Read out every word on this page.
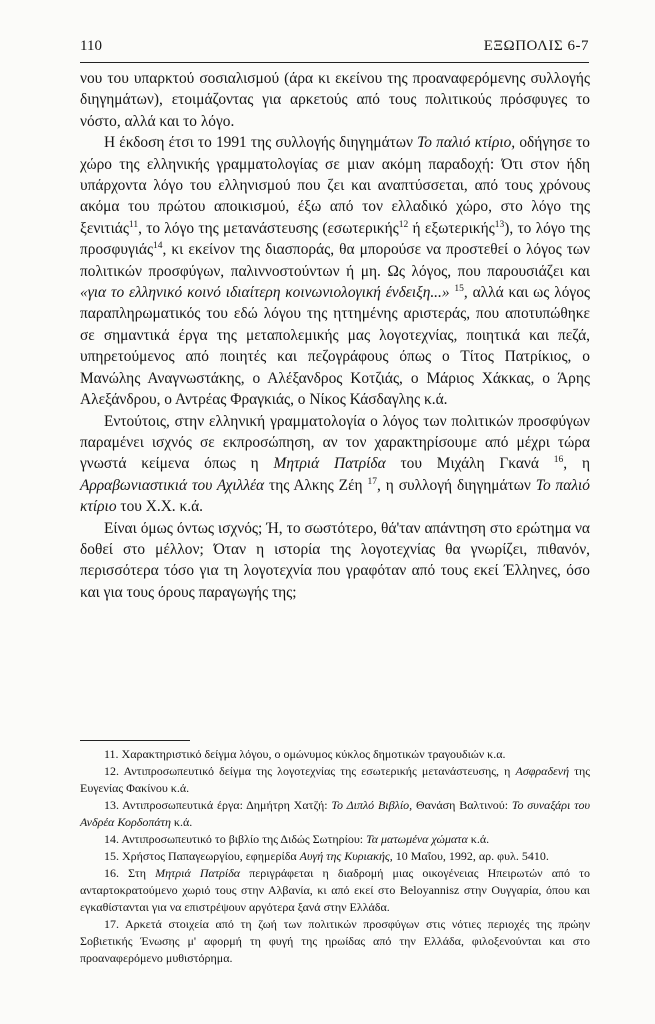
110	ΕΞΩΠΟΛΙΣ 6-7

νου του υπαρκτού σοσιαλισμού (άρα κι εκείνου της προαναφερόμενης συλλογής διηγημάτων), ετοιμάζοντας για αρκετούς από τους πολιτικούς πρόσφυγες το νόστο, αλλά και το λόγο.

Η έκδοση έτσι το 1991 της συλλογής διηγημάτων Το παλιό κτίριο, οδήγησε το χώρο της ελληνικής γραμματολογίας σε μιαν ακόμη παραδοχή: Ότι στον ήδη υπάρχοντα λόγο του ελληνισμού που ζει και αναπτύσσεται, από τους χρόνους ακόμα του πρώτου αποικισμού, έξω από τον ελλαδικό χώρο, στο λόγο της ξενιτιάς$^{11}$, το λόγο της μετανάστευσης (εσωτερικής$^{12}$ ή εξωτερικής$^{13}$), το λόγο της προσφυγιάς$^{14}$, κι εκείνον της διασποράς, θα μπορούσε να προστεθεί ο λόγος των πολιτικών προσφύγων, παλιννοστούντων ή μη. Ως λόγος, που παρουσιάζει και «για το ελληνικό κοινό ιδιαίτερη κοινωνιολογική ένδειξη...» $^{15}$, αλλά και ως λόγος παραπληρωματικός του εδώ λόγου της ηττημένης αριστεράς, που αποτυπώθηκε σε σημαντικά έργα της μεταπολεμικής μας λογοτεχνίας, ποιητικά και πεζά, υπηρετούμενος από ποιητές και πεζογράφους όπως ο Τίτος Πατρίκιος, ο Μανώλης Αναγνωστάκης, ο Αλέξανδρος Κοτζιάς, ο Μάριος Χάκκας, ο Άρης Αλεξάνδρου, ο Αντρέας Φραγκιάς, ο Νίκος Κάσδαγλης κ.ά.

Εντούτοις, στην ελληνική γραμματολογία ο λόγος των πολιτικών προσφύγων παραμένει ισχνός σε εκπροσώπηση, αν τον χαρακτηρίσουμε από μέχρι τώρα γνωστά κείμενα όπως η Μητριά Πατρίδα του Μιχάλη Γκανά $^{16}$, η Αρραβωνιαστικιά του Αχιλλέα της Αλκης Ζέη $^{17}$, η συλλογή διηγημάτων Το παλιό κτίριο του Χ.Χ. κ.ά.

Είναι όμως όντως ισχνός; Ή, το σωστότερο, θά'ταν απάντηση στο ερώτημα να δοθεί στο μέλλον; Όταν η ιστορία της λογοτεχνίας θα γνωρίζει, πιθανόν, περισσότερα τόσο για τη λογοτεχνία που γραφόταν από τους εκεί Έλληνες, όσο και για τους όρους παραγωγής της;

11. Χαρακτηριστικό δείγμα λόγου, ο ομώνυμος κύκλος δημοτικών τραγουδιών κ.α.

12. Αντιπροσωπευτικό δείγμα της λογοτεχνίας της εσωτερικής μετανάστευσης, η Ασφραδενή της Ευγενίας Φακίνου κ.ά.

13. Αντιπροσωπευτικά έργα: Δημήτρη Χατζή: Το Διπλό Βιβλίο, Θανάση Βαλτινού: Το συναξάρι του Ανδρέα Κορδοπάτη κ.ά.

14. Αντιπροσωπευτικό το βιβλίο της Διδώς Σωτηρίου: Τα ματωμένα χώματα κ.ά.

15. Χρήστος Παπαγεωργίου, εφημερίδα Αυγή της Κυριακής, 10 Μαΐου, 1992, αρ. φυλ. 5410.

16. Στη Μητριά Πατρίδα περιγράφεται η διαδρομή μιας οικογένειας Ηπειρωτών από το ανταρτοκρατούμενο χωριό τους στην Αλβανία, κι από εκεί στο Beloyannisz στην Ουγγαρία, όπου και εγκαθίστανται για να επιστρέψουν αργότερα ξανά στην Ελλάδα.

17. Αρκετά στοιχεία από τη ζωή των πολιτικών προσφύγων στις νότιες περιοχές της πρώην Σοβιετικής Ένωσης μ' αφορμή τη φυγή της ηρωίδας από την Ελλάδα, φιλοξενούνται και στο προαναφερόμενο μυθιστόρημα.
